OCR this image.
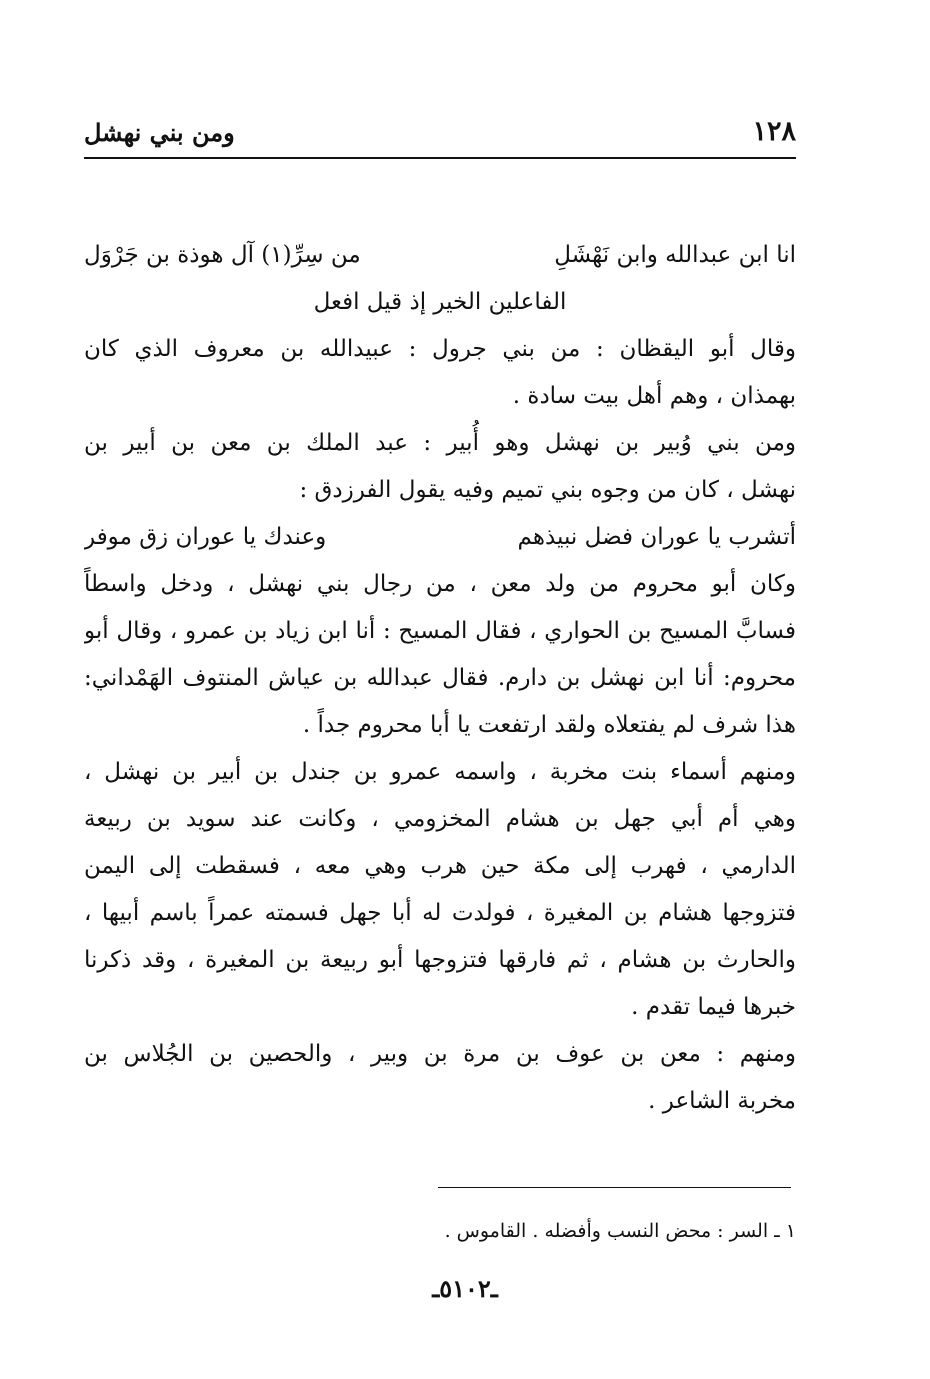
١٢٨
ومن بني نهشل
انا ابن عبدالله وابن نَهْشَلِ
من سِرِّ(١) آل هوذة بن جَرْوَل
الفاعلين الخير إذ قيل افعل
وقال أبو اليقظان : من بني جرول : عبيدالله بن معروف الذي كان
بهمذان ، وهم أهل بيت سادة .
ومن بني وُبير بن نهشل وهو أُبير : عبد الملك بن معن بن أبير بن
نهشل ، كان من وجوه بني تميم وفيه يقول الفرزدق :
أتشرب يا عوران فضل نبيذهم
وعندك يا عوران زق موفر
وكان أبو محروم من ولد معن ، من رجال بني نهشل ، ودخل واسطاً
فسابَّ المسيح بن الحواري ، فقال المسيح : أنا ابن زياد بن عمرو ، وقال أبو
محروم: أنا ابن نهشل بن دارم. فقال عبدالله بن عياش المنتوف الهَمْداني:
هذا شرف لم يفتعلاه ولقد ارتفعت يا أبا محروم جداً .
ومنهم أسماء بنت مخربة ، واسمه عمرو بن جندل بن أبير بن نهشل ،
وهي أم أبي جهل بن هشام المخزومي ، وكانت عند سويد بن ربيعة
الدارمي ، فهرب إلى مكة حين هرب وهي معه ، فسقطت إلى اليمن
فتزوجها هشام بن المغيرة ، فولدت له أبا جهل فسمته عمراً باسم أبيها ،
والحارث بن هشام ، ثم فارقها فتزوجها أبو ربيعة بن المغيرة ، وقد ذكرنا
خبرها فيما تقدم .
ومنهم : معن بن عوف بن مرة بن وبير ، والحصين بن الجُلاس بن
مخربة الشاعر .
١ ـ السر : محض النسب وأفضله . القاموس .
ـ٥١٠٢ـ
